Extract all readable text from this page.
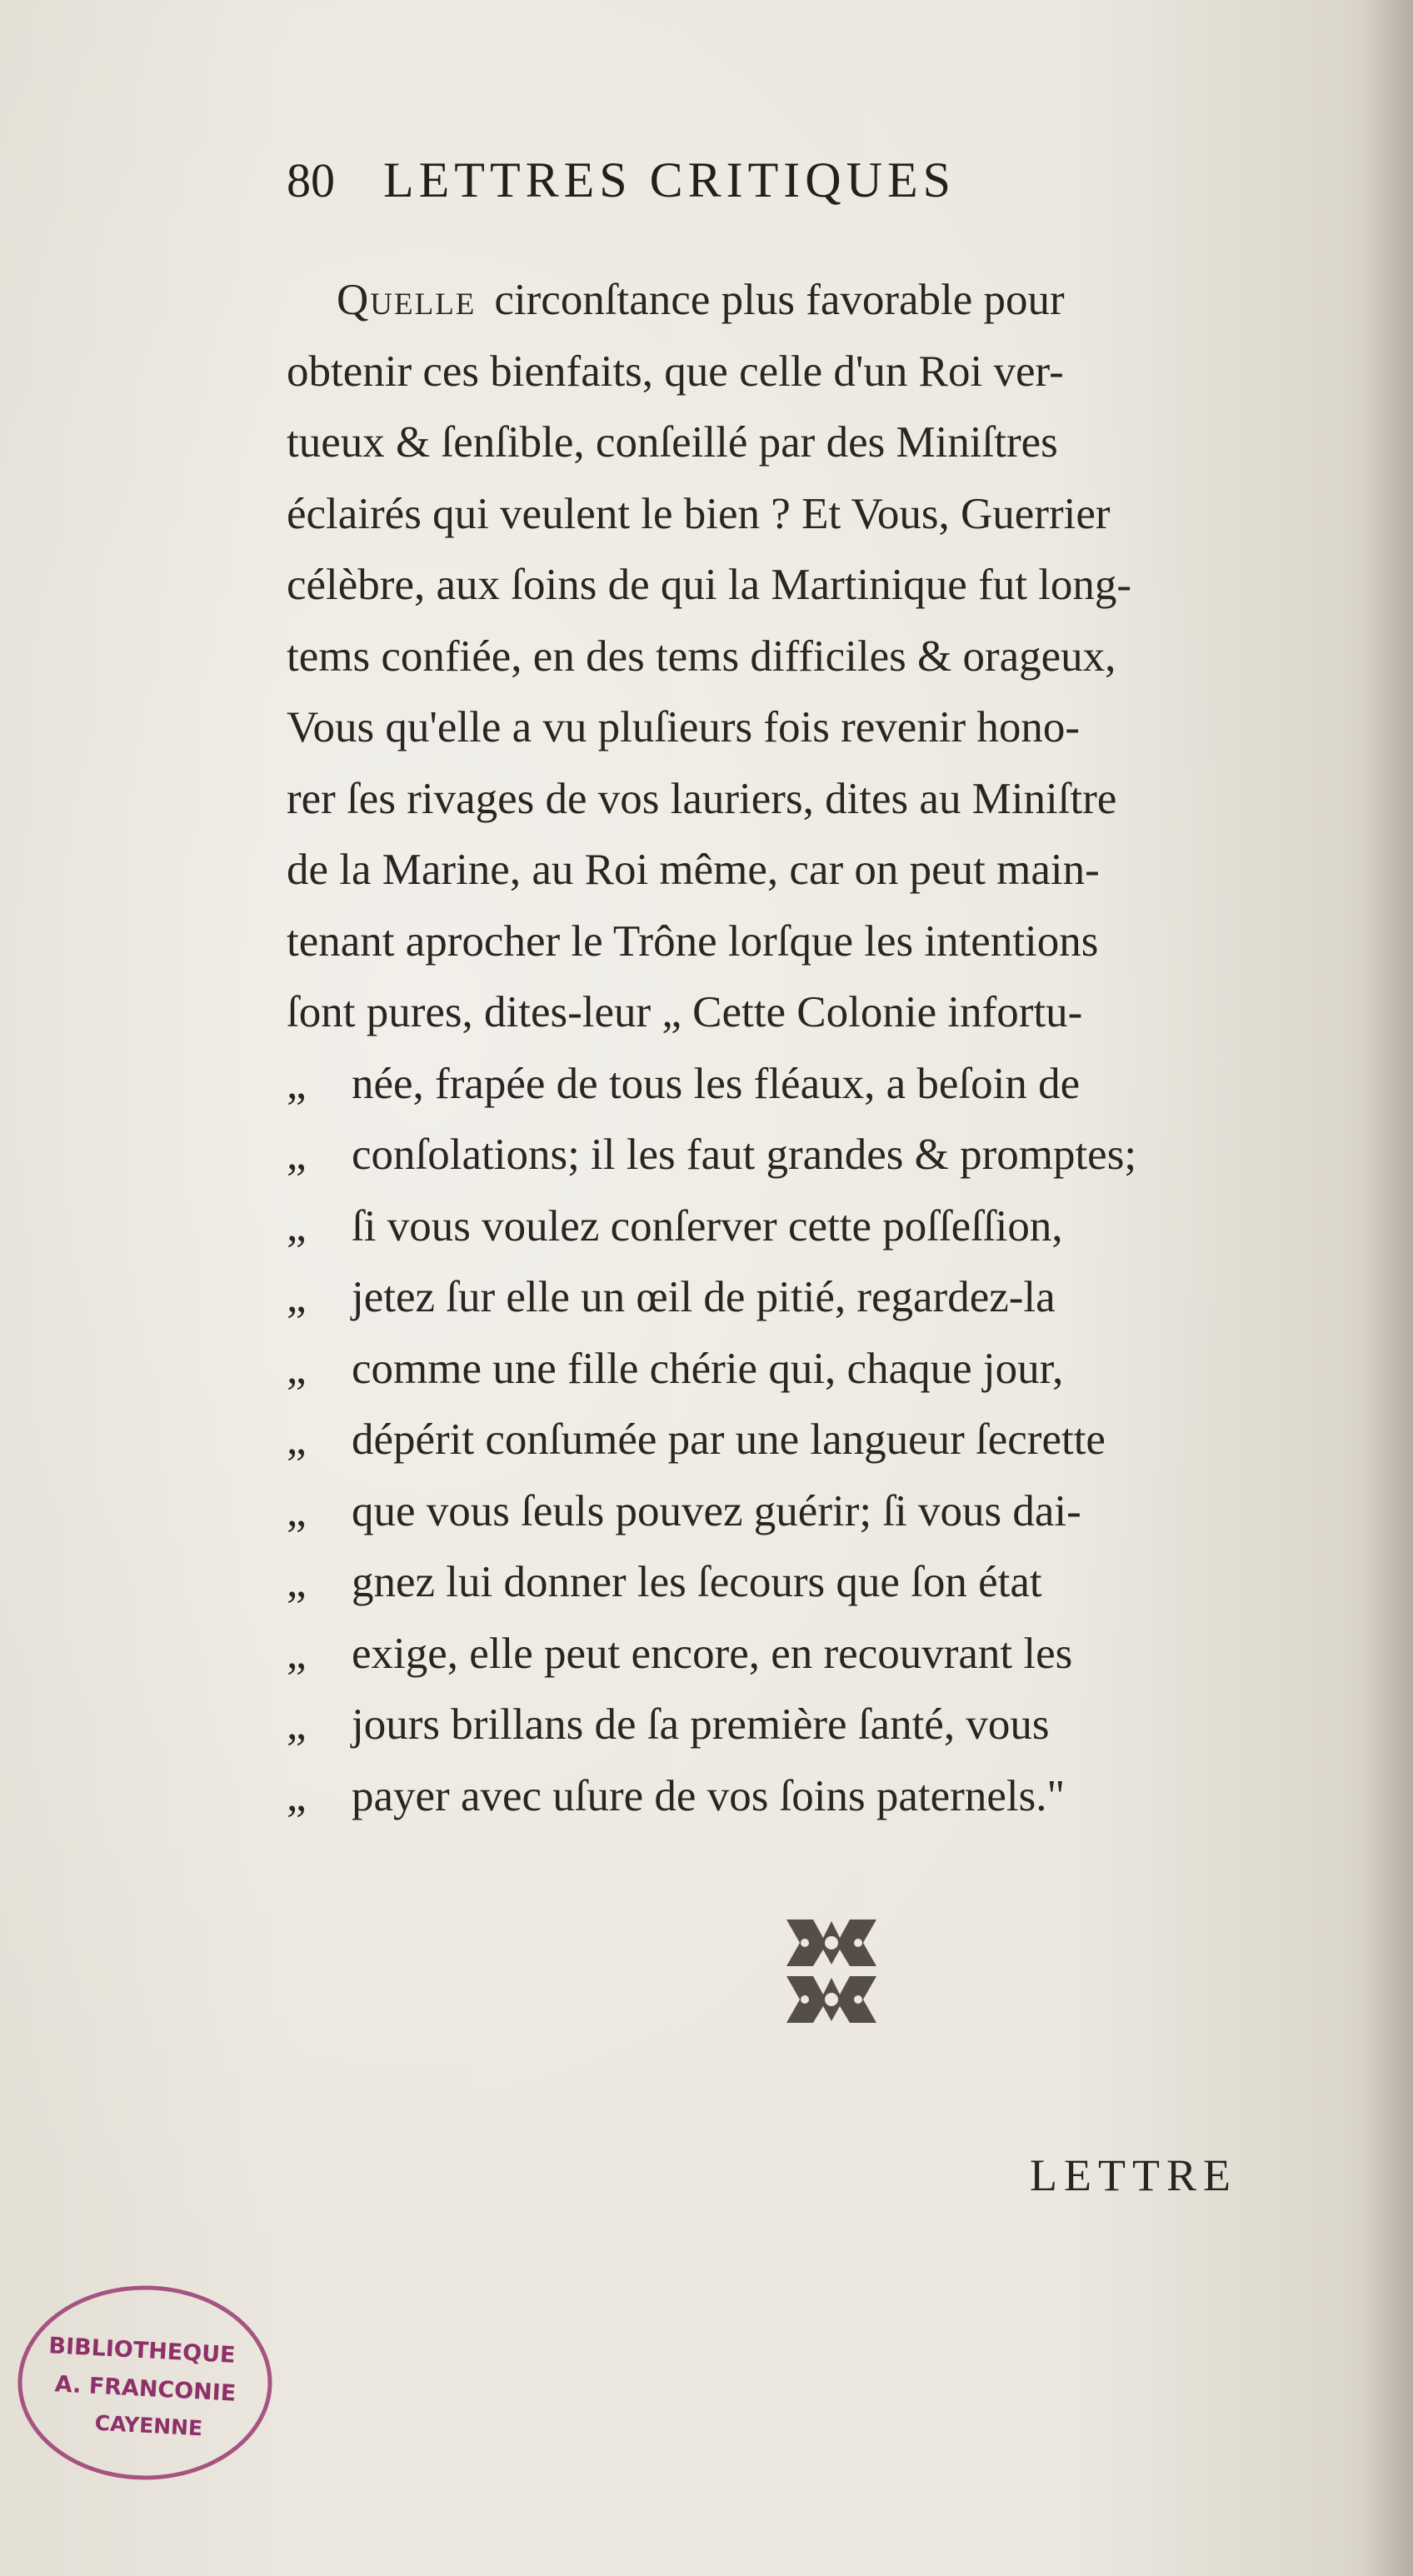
80 LETTRES CRITIQUES
Quelle circonſtance plus favorable pour
obtenir ces bienfaits, que celle d'un Roi ver-
tueux & ſenſible, conſeillé par des Miniſtres
éclairés qui veulent le bien ? Et Vous, Guerrier
célèbre, aux ſoins de qui la Martinique fut long-
tems confiée, en des tems difficiles & orageux,
Vous qu'elle a vu pluſieurs fois revenir hono-
rer ſes rivages de vos lauriers, dites au Miniſtre
de la Marine, au Roi même, car on peut main-
tenant aprocher le Trône lorſque les intentions
ſont pures, dites-leur „ Cette Colonie infortu-
„	née, frapée de tous les fléaux, a beſoin de
„	conſolations; il les faut grandes & promptes;
„	ſi vous voulez conſerver cette poſſeſſion,
„	jetez ſur elle un œil de pitié, regardez-la
„	comme une fille chérie qui, chaque jour,
„	dépérit conſumée par une langueur ſecrette
„	que vous ſeuls pouvez guérir; ſi vous dai-
„	gnez lui donner les ſecours que ſon état
„	exige, elle peut encore, en recouvrant les
„	jours brillans de ſa première ſanté, vous
„	payer avec uſure de vos ſoins paternels."
LETTRE
BIBLIOTHEQUE
A. FRANCONIE
CAYENNE
